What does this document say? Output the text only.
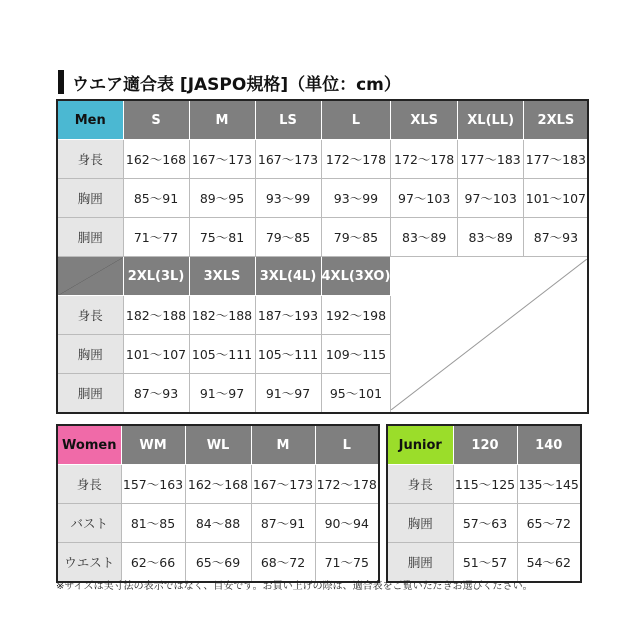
ウエア適合表 [JASPO規格]（単位：cm）
Men	S	M	LS	L	XLS	XL(LL)	2XLS
身長	162～168	167～173	167～173	172～178	172～178	177～183	177～183
胸囲	85～91	89～95	93～99	93～99	97～103	97～103	101～107
胴囲	71～77	75～81	79～85	79～85	83～89	83～89	87～93
	2XL(3L)	3XLS	3XL(4L)	4XL(3XO)	

身長	182～188	182～188	187～193	192～198			
胸囲	101～107	105～111	105～111	109～115			
胴囲	87～93	91～97	91～97	95～101			
Women	WM	WL	M	L
身長	157～163	162～168	167～173	172～178
バスト	81～85	84～88	87～91	90～94
ウエスト	62～66	65～69	68～72	71～75
Junior	120	140
身長	115～125	135～145
胸囲	57～63	65～72
胴囲	51～57	54～62
※サイズは実寸法の表示ではなく、目安です。お買い上げの際は、適合表をご覧いただきお選びください。
